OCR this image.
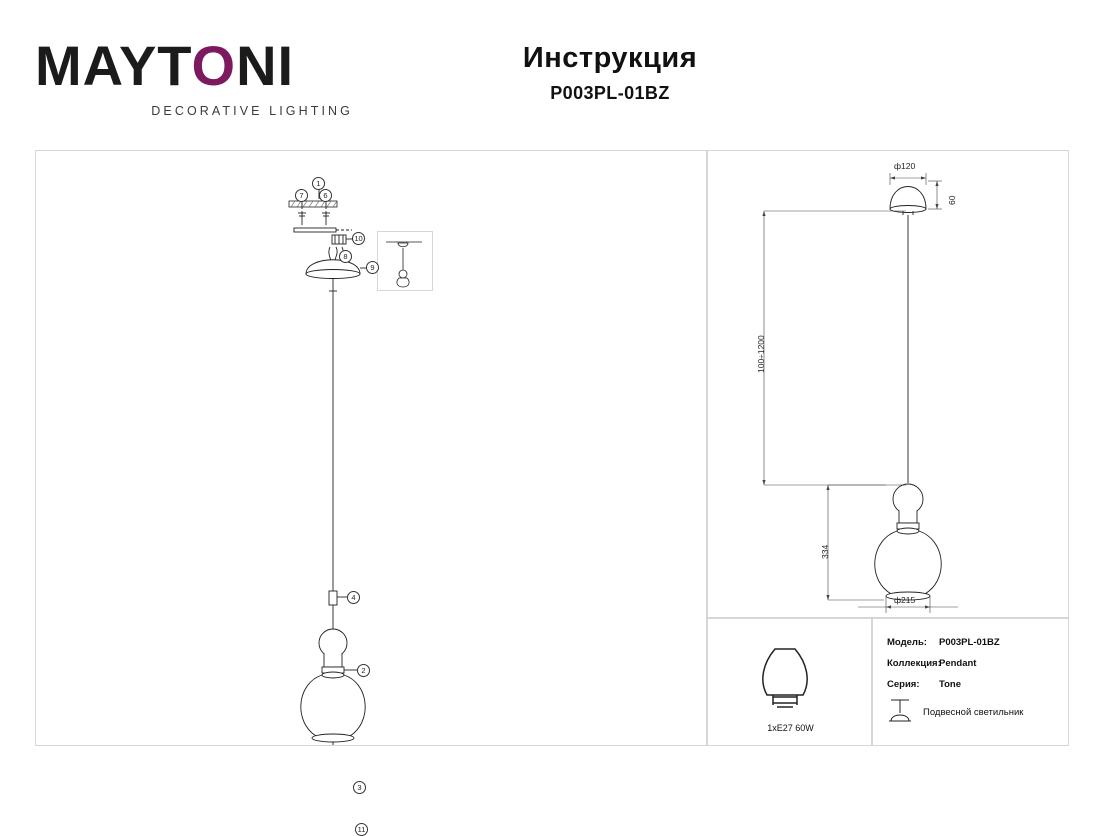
MAYTONI
DECORATIVE LIGHTING
Инструкция
P003PL-01BZ
1
7	6
10
8
9
4
2
3
11
ф120
60
100÷1200
334
ф215
1xE27 60W
Модель:	P003PL-01BZ
Коллекция:
Pendant
Серия:	Tone
Подвесной светильник
